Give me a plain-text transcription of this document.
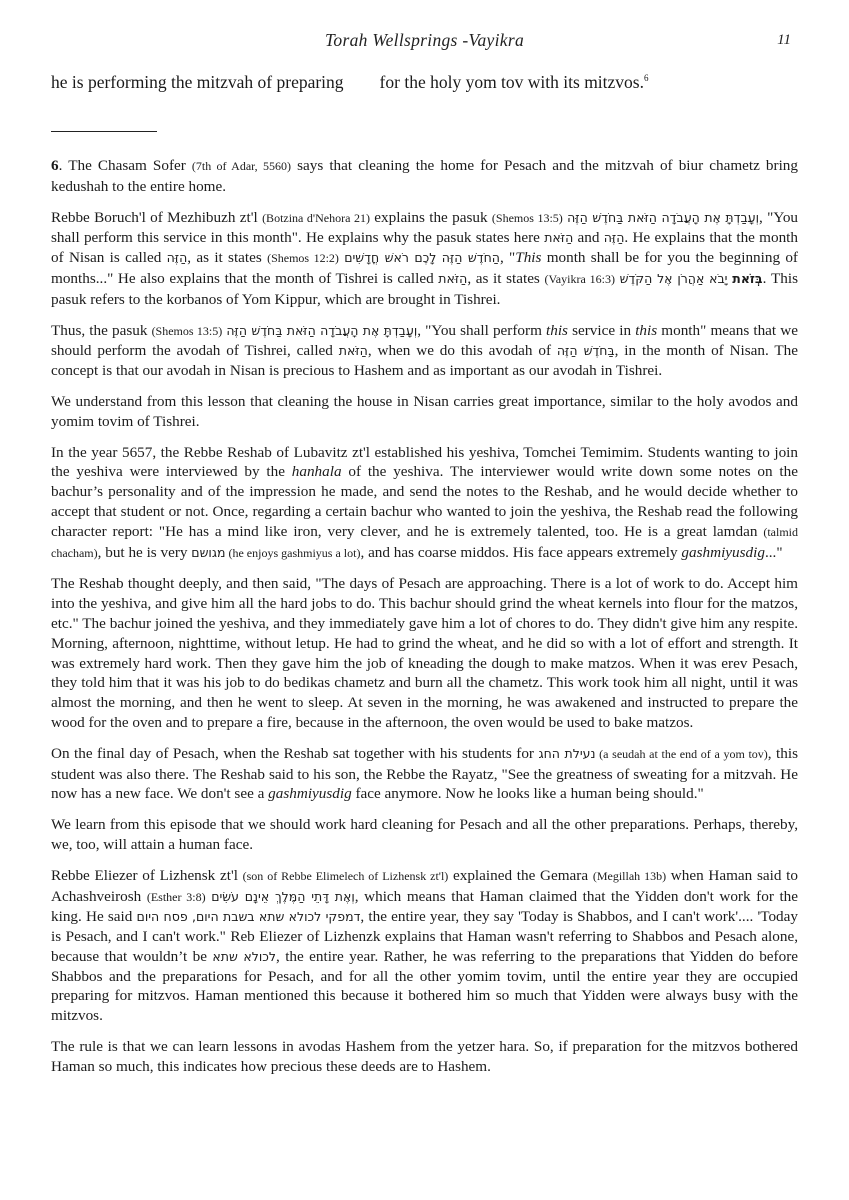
Torah Wellsprings -Vayikra	11
he is performing the mitzvah of preparing for the holy yom tov with its mitzvos.$^6$

6. The Chasam Sofer (7th of Adar, 5560) says that cleaning the home for Pesach and the mitzvah of biur chametz bring kedushah to the entire home.

Rebbe Boruch'l of Mezhibuzh zt'l (Botzina d'Nehora 21) explains the pasuk (Shemos 13:5) וְעָבַדְתָּ אֶת הָעֲבֹדָה הַזֹּאת בַּחֹדֶשׁ הַזֶּה, "You shall perform this service in this month". He explains why the pasuk states here הַזֹּאת and הַזֶּה. He explains that the month of Nisan is called הַזֶּה, as it states (Shemos 12:2) הַחֹדֶשׁ הַזֶּה לָכֶם רֹאשׁ חֳדָשִׁים, "This month shall be for you the beginning of months..." He also explains that the month of Tishrei is called הַזֹּאת, as it states (Vayikra 16:3)	בְּזֹאת יָבֹא אַהֲרֹן אֶל הַקֹּדֶשׁ . This pasuk refers to the korbanos of Yom Kippur, which are brought in Tishrei.

Thus, the pasuk (Shemos 13:5) וְעָבַדְתָּ אֶת הָעֲבֹדָה הַזֹּאת בַּחֹדֶשׁ הַזֶּה, "You shall perform this service in this month" means that we should perform the avodah of Tishrei, called הַזֹּאת, when we do this avodah of בַּחֹדֶשׁ הַזֶּה, in the month of Nisan. The concept is that our avodah in Nisan is precious to Hashem and as important as our avodah in Tishrei.

We understand from this lesson that cleaning the house in Nisan carries great importance, similar to the holy avodos and yomim tovim of Tishrei.

In the year 5657, the Rebbe Reshab of Lubavitz zt'l established his yeshiva, Tomchei Temimim. Students wanting to join the yeshiva were interviewed by the hanhala of the yeshiva. The interviewer would write down some notes on the bachur’s personality and of the impression he made, and send the notes to the Reshab, and he would decide whether to accept that student or not. Once, regarding a certain bachur who wanted to join the yeshiva, the Reshab read the following character report: "He has a mind like iron, very clever, and he is extremely talented, too. He is a great lamdan (talmid chacham), but he is very מגושם (he enjoys gashmiyus a lot), and has coarse middos. His face appears extremely gashmiyusdig..."

The Reshab thought deeply, and then said, "The days of Pesach are approaching. There is a lot of work to do. Accept him into the yeshiva, and give him all the hard jobs to do. This bachur should grind the wheat kernels into flour for the matzos, etc." The bachur joined the yeshiva, and they immediately gave him a lot of chores to do. They didn't give him any respite. Morning, afternoon, nighttime, without letup. He had to grind the wheat, and he did so with a lot of effort and strength. It was extremely hard work. Then they gave him the job of kneading the dough to make matzos. When it was erev Pesach, they told him that it was his job to do bedikas chametz and burn all the chametz. This work took him all night, until it was almost the morning, and then he went to sleep. At seven in the morning, he was awakened and instructed to prepare the wood for the oven and to prepare a fire, because in the afternoon, the oven would be used to bake matzos.

On the final day of Pesach, when the Reshab sat together with his students for נעילת החג (a seudah at the end of a yom tov), this student was also there. The Reshab said to his son, the Rebbe the Rayatz, "See the greatness of sweating for a mitzvah. He now has a new face. We don't see a gashmiyusdig face anymore. Now he looks like a human being should."

We learn from this episode that we should work hard cleaning for Pesach and all the other preparations. Perhaps, thereby, we, too, will attain a human face.

Rebbe Eliezer of Lizhensk zt'l (son of Rebbe Elimelech of Lizhensk zt'l) explained the Gemara (Megillah 13b) when Haman said to Achashveirosh (Esther 3:8) וְאֶת דָּתֵי הַמֶּלֶךְ אֵינָם עֹשִׂים, which means that Haman claimed that the Yidden don't work for the king. He said דמפקי לכולא שתא בשבת היום, פסח היום, the entire year, they say 'Today is Shabbos, and I can't work'.... 'Today is Pesach, and I can't work." Reb Eliezer of Lizhenzk explains that Haman wasn't referring to Shabbos and Pesach alone, because that wouldn’t be לכולא שתא, the entire year. Rather, he was referring to the preparations that Yidden do before Shabbos and the preparations for Pesach, and for all the other yomim tovim, until the entire year they are occupied preparing for mitzvos. Haman mentioned this because it bothered him so much that Yidden were always busy with the mitzvos.

The rule is that we can learn lessons in avodas Hashem from the yetzer hara. So, if preparation for the mitzvos bothered Haman so much, this indicates how precious these deeds are to Hashem.
